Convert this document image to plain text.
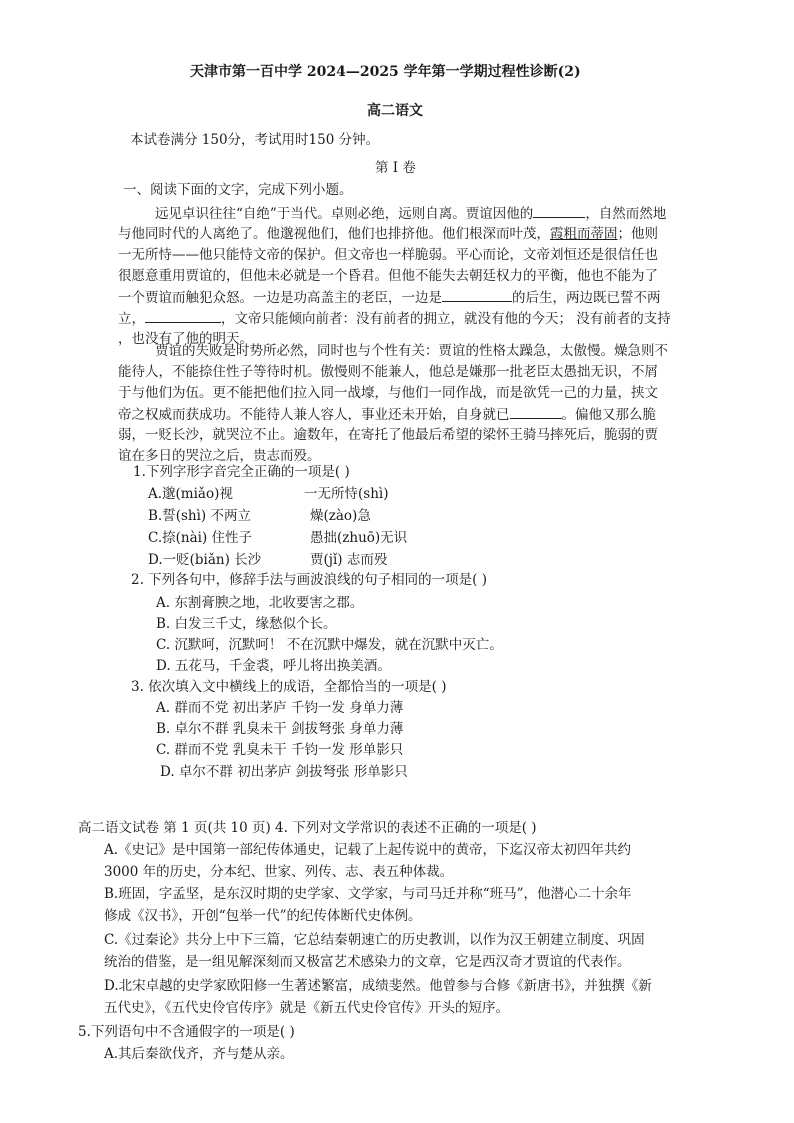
天津市第一百中学 2024—2025 学年第一学期过程性诊断(2)
高二语文
本试卷满分 150分，考试用时150 分钟。
第 I 卷
一、阅读下面的文字，完成下列小题。
远见卓识往往“自绝”于当代。卓则必绝，远则自离。贾谊因他的	，自然而然地
与他同时代的人离绝了。他邈视他们，他们也排挤他。他们根深而叶茂，霞粗而蒂固；他则
一无所恃——他只能恃文帝的保护。但文帝也一样脆弱。平心而论，文帝刘恒还是很信任也
很愿意重用贾谊的，但他未必就是一个昏君。但他不能失去朝廷权力的平衡，他也不能为了
一个贾谊而触犯众怒。一边是功高盖主的老臣，一边是	的后生，两边既已誓不两
立，	，文帝只能倾向前者：没有前者的拥立，就没有他的今天； 没有前者的支持
，也没有了他的明天。
贾谊的失败是时势所必然，同时也与个性有关：贾谊的性格太躁急，太傲慢。燥急则不
能待人，不能捺住性子等待时机。傲慢则不能兼人，他总是嫌那一批老臣太愚拙无识，不屑
于与他们为伍。更不能把他们拉入同一战壕，与他们一同作战，而是欲凭一己的力量，挟文
帝之权威而获成功。不能待人兼人容人，事业还未开始，自身就已	。偏他又那么脆
弱，一贬长沙，就哭泣不止。逾数年，在寄托了他最后希望的梁怀王骑马摔死后，脆弱的贾
谊在多日的哭泣之后，贵志而殁。
1.下列字形字音完全正确的一项是( )
A.邈(miǎo)视	一无所恃(shì)
B.誓(shì) 不两立	燥(zào)急
C.捺(nài) 住性子	愚拙(zhuō)无识
D.一贬(biǎn) 长沙	贾(jǐ) 志而殁
2. 下列各句中，修辞手法与画波浪线的句子相同的一项是( )
A. 东割膏腴之地，北收要害之郡。
B. 白发三千丈，缘愁似个长。
C. 沉默呵，沉默呵！ 不在沉默中爆发，就在沉默中灭亡。
D. 五花马，千金裘，呼儿将出换美酒。
3. 依次填入文中横线上的成语，全都恰当的一项是( )
A. 群而不党 初出茅庐 千钧一发 身单力薄
B. 卓尔不群 乳臭未干 剑拔弩张 身单力薄
C. 群而不党 乳臭未干 千钧一发 形单影只
D. 卓尔不群 初出茅庐 剑拔弩张 形单影只
高二语文试卷 第 1 页(共 10 页) 4. 下列对文学常识的表述不正确的一项是( )
A.《史记》是中国第一部纪传体通史，记载了上起传说中的黄帝，下迄汉帝太初四年共约
3000 年的历史，分本纪、世家、列传、志、表五种体裁。
B.班固，字孟坚，是东汉时期的史学家、文学家，与司马迁并称“班马”，他潜心二十余年
修成《汉书》，开创“包举一代”的纪传体断代史体例。
C.《过秦论》共分上中下三篇，它总结秦朝速亡的历史教训，以作为汉王朝建立制度、巩固
统治的借鉴，是一组见解深刻而又极富艺术感染力的文章，它是西汉奇才贾谊的代表作。
D.北宋卓越的史学家欧阳修一生著述繁富，成绩斐然。他曾参与合修《新唐书》，并独撰《新
五代史》，《五代史伶官传序》就是《新五代史伶官传》开头的短序。
5.下列语句中不含通假字的一项是( )
A.其后秦欲伐齐，齐与楚从亲。
